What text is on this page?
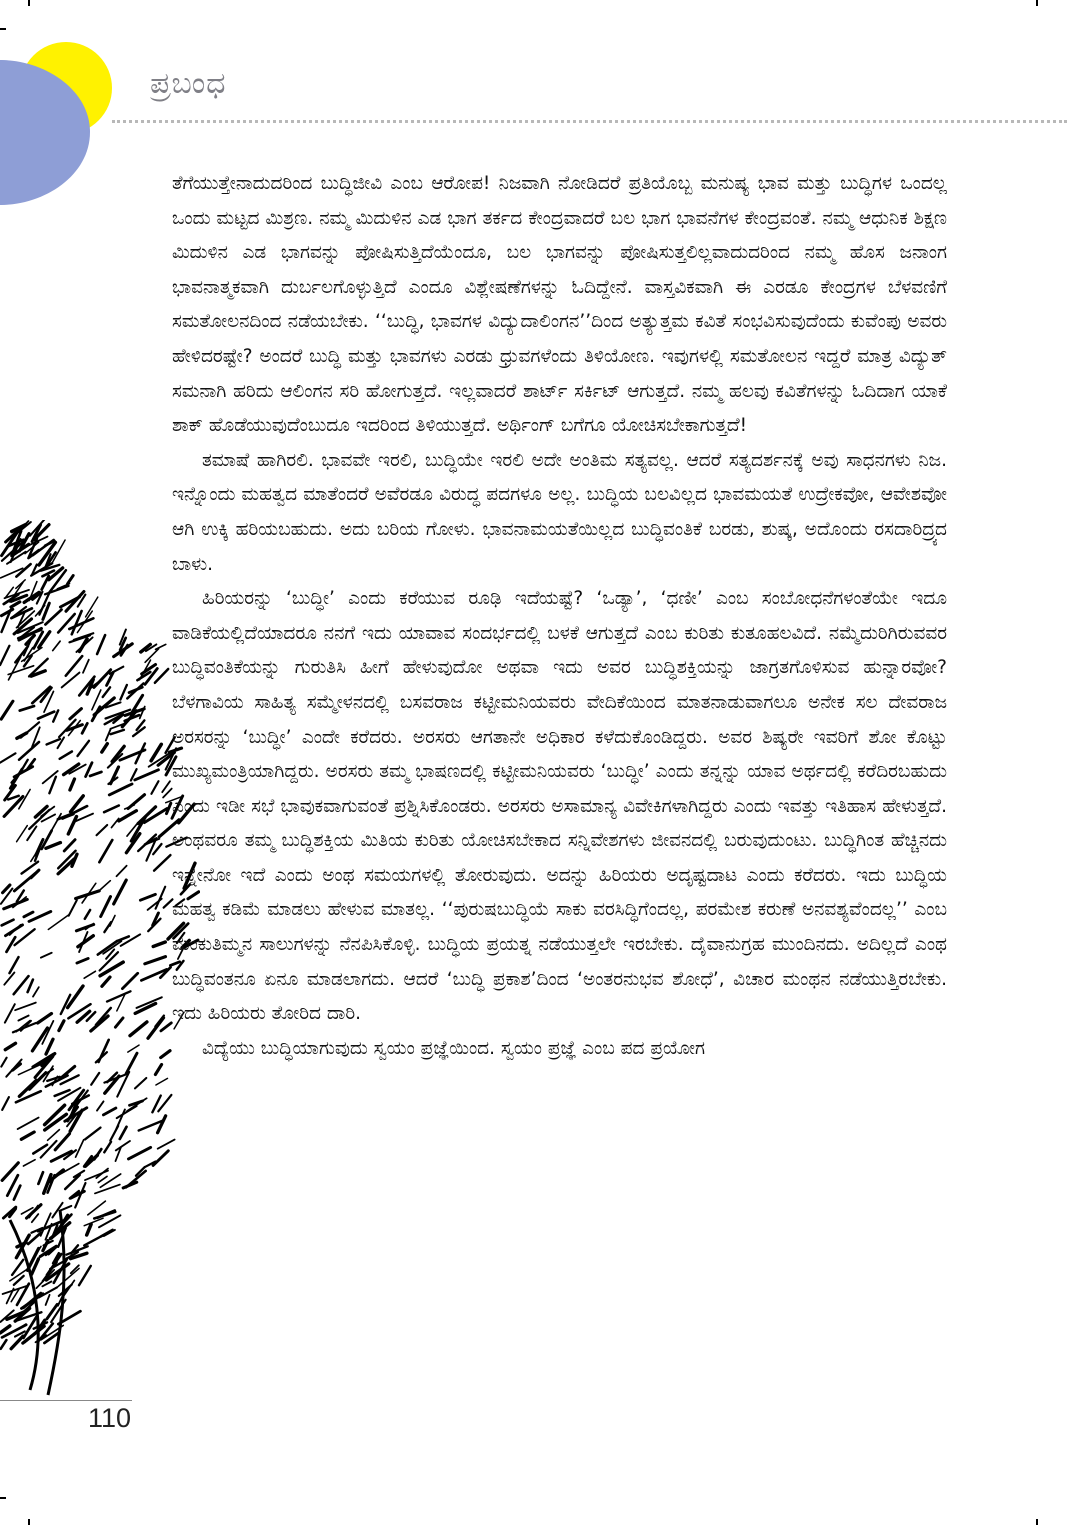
ಪ್ರಬಂಧ

ತೆಗೆಯುತ್ತೇನಾದುದರಿಂದ ಬುದ್ಧಿಜೀವಿ ಎಂಬ ಆರೋಪ! ನಿಜವಾಗಿ ನೋಡಿದರೆ ಪ್ರತಿಯೊಬ್ಬ ಮನುಷ್ಯ ಭಾವ ಮತ್ತು ಬುದ್ಧಿಗಳ ಒಂದಲ್ಲ ಒಂದು ಮಟ್ಟದ ಮಿಶ್ರಣ. ನಮ್ಮ ಮಿದುಳಿನ ಎಡ ಭಾಗ ತರ್ಕದ ಕೇಂದ್ರವಾದರೆ ಬಲ ಭಾಗ ಭಾವನೆಗಳ ಕೇಂದ್ರವಂತೆ. ನಮ್ಮ ಆಧುನಿಕ ಶಿಕ್ಷಣ ಮಿದುಳಿನ ಎಡ ಭಾಗವನ್ನು ಪೋಷಿಸುತ್ತಿದೆಯೆಂದೂ, ಬಲ ಭಾಗವನ್ನು ಪೋಷಿಸುತ್ತಲಿಲ್ಲವಾದುದರಿಂದ ನಮ್ಮ ಹೊಸ ಜನಾಂಗ ಭಾವನಾತ್ಮಕವಾಗಿ ದುರ್ಬಲಗೊಳ್ಳುತ್ತಿದೆ ಎಂದೂ ವಿಶ್ಲೇಷಣೆಗಳನ್ನು ಓದಿದ್ದೇನೆ. ವಾಸ್ತವಿಕವಾಗಿ ಈ ಎರಡೂ ಕೇಂದ್ರಗಳ ಬೆಳವಣಿಗೆ ಸಮತೋಲನದಿಂದ ನಡೆಯಬೇಕು. ‘‘ಬುದ್ಧಿ, ಭಾವಗಳ ವಿದ್ಯುದಾಲಿಂಗನ’’ದಿಂದ ಅತ್ಯುತ್ತಮ ಕವಿತೆ ಸಂಭವಿಸುವುದೆಂದು ಕುವೆಂಪು ಅವರು ಹೇಳಿದರಷ್ಟೇ? ಅಂದರೆ ಬುದ್ಧಿ ಮತ್ತು ಭಾವಗಳು ಎರಡು ಧ್ರುವಗಳೆಂದು ತಿಳಿಯೋಣ. ಇವುಗಳಲ್ಲಿ ಸಮತೋಲನ ಇದ್ದರೆ ಮಾತ್ರ ವಿದ್ಯುತ್ ಸಮನಾಗಿ ಹರಿದು ಆಲಿಂಗನ ಸರಿ ಹೋಗುತ್ತದೆ. ಇಲ್ಲವಾದರೆ ಶಾರ್ಟ್ ಸರ್ಕಿಟ್ ಆಗುತ್ತದೆ. ನಮ್ಮ ಹಲವು ಕವಿತೆಗಳನ್ನು ಓದಿದಾಗ ಯಾಕೆ ಶಾಕ್ ಹೊಡೆಯುವುದೆಂಬುದೂ ಇದರಿಂದ ತಿಳಿಯುತ್ತದೆ. ಅರ್ಥಿಂಗ್ ಬಗೆಗೂ ಯೋಚಿಸಬೇಕಾಗುತ್ತದೆ!

ತಮಾಷೆ ಹಾಗಿರಲಿ. ಭಾವವೇ ಇರಲಿ, ಬುದ್ಧಿಯೇ ಇರಲಿ ಅದೇ ಅಂತಿಮ ಸತ್ಯವಲ್ಲ. ಆದರೆ ಸತ್ಯದರ್ಶನಕ್ಕೆ ಅವು ಸಾಧನಗಳು ನಿಜ. ಇನ್ನೊಂದು ಮಹತ್ವದ ಮಾತೆಂದರೆ ಅವೆರಡೂ ವಿರುದ್ಧ ಪದಗಳೂ ಅಲ್ಲ. ಬುದ್ಧಿಯ ಬಲವಿಲ್ಲದ ಭಾವಮಯತೆ ಉದ್ರೇಕವೋ, ಆವೇಶವೋ ಆಗಿ ಉಕ್ಕಿ ಹರಿಯಬಹುದು. ಅದು ಬರಿಯ ಗೋಳು. ಭಾವನಾಮಯತೆಯಿಲ್ಲದ ಬುದ್ಧಿವಂತಿಕೆ ಬರಡು, ಶುಷ್ಕ, ಅದೊಂದು ರಸದಾರಿದ್ರ್ಯದ ಬಾಳು.

ಹಿರಿಯರನ್ನು ‘ಬುದ್ಧೀ’ ಎಂದು ಕರೆಯುವ ರೂಢಿ ಇದೆಯಷ್ಟೆ? ‘ಒಡ್ಯಾ’, ‘ಧಣೀ’ ಎಂಬ ಸಂಬೋಧನೆಗಳಂತೆಯೇ ಇದೂ ವಾಡಿಕೆಯಲ್ಲಿದೆಯಾದರೂ ನನಗೆ ಇದು ಯಾವಾವ ಸಂದರ್ಭದಲ್ಲಿ ಬಳಕೆ ಆಗುತ್ತದೆ ಎಂಬ ಕುರಿತು ಕುತೂಹಲವಿದೆ. ನಮ್ಮೆದುರಿಗಿರುವವರ ಬುದ್ಧಿವಂತಿಕೆಯನ್ನು ಗುರುತಿಸಿ ಹೀಗೆ ಹೇಳುವುದೋ ಅಥವಾ ಇದು ಅವರ ಬುದ್ಧಿಶಕ್ತಿಯನ್ನು ಜಾಗ್ರತಗೊಳಿಸುವ ಹುನ್ನಾರವೋ? ಬೆಳಗಾವಿಯ ಸಾಹಿತ್ಯ ಸಮ್ಮೇಳನದಲ್ಲಿ ಬಸವರಾಜ ಕಟ್ಟೀಮನಿಯವರು ವೇದಿಕೆಯಿಂದ ಮಾತನಾಡುವಾಗಲೂ ಅನೇಕ ಸಲ ದೇವರಾಜ ಅರಸರನ್ನು ‘ಬುದ್ಧೀ’ ಎಂದೇ ಕರೆದರು. ಅರಸರು ಆಗತಾನೇ ಅಧಿಕಾರ ಕಳೆದುಕೊಂಡಿದ್ದರು. ಅವರ ಶಿಷ್ಯರೇ ಇವರಿಗೆ ಶೋ ಕೊಟ್ಟು ಮುಖ್ಯಮಂತ್ರಿಯಾಗಿದ್ದರು. ಅರಸರು ತಮ್ಮ ಭಾಷಣದಲ್ಲಿ ಕಟ್ಟೀಮನಿಯವರು ‘ಬುದ್ಧೀ’ ಎಂದು ತನ್ನನ್ನು ಯಾವ ಅರ್ಥದಲ್ಲಿ ಕರೆದಿರಬಹುದು ಎಂದು ಇಡೀ ಸಭೆ ಭಾವುಕವಾಗುವಂತೆ ಪ್ರಶ್ನಿಸಿಕೊಂಡರು. ಅರಸರು ಅಸಾಮಾನ್ಯ ವಿವೇಕಿಗಳಾಗಿದ್ದರು ಎಂದು ಇವತ್ತು ಇತಿಹಾಸ ಹೇಳುತ್ತದೆ. ಅಂಥವರೂ ತಮ್ಮ ಬುದ್ಧಿಶಕ್ತಿಯ ಮಿತಿಯ ಕುರಿತು ಯೋಚಿಸಬೇಕಾದ ಸನ್ನಿವೇಶಗಳು ಜೀವನದಲ್ಲಿ ಬರುವುದುಂಟು. ಬುದ್ಧಿಗಿಂತ ಹೆಚ್ಚಿನದು ಇನ್ನೇನೋ ಇದೆ ಎಂದು ಅಂಥ ಸಮಯಗಳಲ್ಲಿ ತೋರುವುದು. ಅದನ್ನು ಹಿರಿಯರು ಅದೃಷ್ಟದಾಟ ಎಂದು ಕರೆದರು. ಇದು ಬುದ್ಧಿಯ ಮಹತ್ವ ಕಡಿಮೆ ಮಾಡಲು ಹೇಳುವ ಮಾತಲ್ಲ. ‘‘ಪುರುಷಬುದ್ಧಿಯೆ ಸಾಕು ವರಸಿದ್ಧಿಗೆಂದಲ್ಲ, ಪರಮೇಶ ಕರುಣೆ ಅನವಶ್ಯವೆಂದಲ್ಲ’’ ಎಂಬ ಮಂಕುತಿಮ್ಮನ ಸಾಲುಗಳನ್ನು ನೆನಪಿಸಿಕೊಳ್ಳಿ. ಬುದ್ಧಿಯ ಪ್ರಯತ್ನ ನಡೆಯುತ್ತಲೇ ಇರಬೇಕು. ದೈವಾನುಗ್ರಹ ಮುಂದಿನದು. ಅದಿಲ್ಲದೆ ಎಂಥ ಬುದ್ಧಿವಂತನೂ ಏನೂ ಮಾಡಲಾಗದು. ಆದರೆ ‘ಬುದ್ಧಿ ಪ್ರಕಾಶ’ದಿಂದ ‘ಅಂತರನುಭವ ಶೋಧೆ’, ವಿಚಾರ ಮಂಥನ ನಡೆಯುತ್ತಿರಬೇಕು. ಇದು ಹಿರಿಯರು ತೋರಿದ ದಾರಿ.

ವಿದ್ಯೆಯು ಬುದ್ಧಿಯಾಗುವುದು ಸ್ವಯಂ ಪ್ರಜ್ಞೆಯಿಂದ. ಸ್ವಯಂ ಪ್ರಜ್ಞೆ ಎಂಬ ಪದ ಪ್ರಯೋಗ

110
